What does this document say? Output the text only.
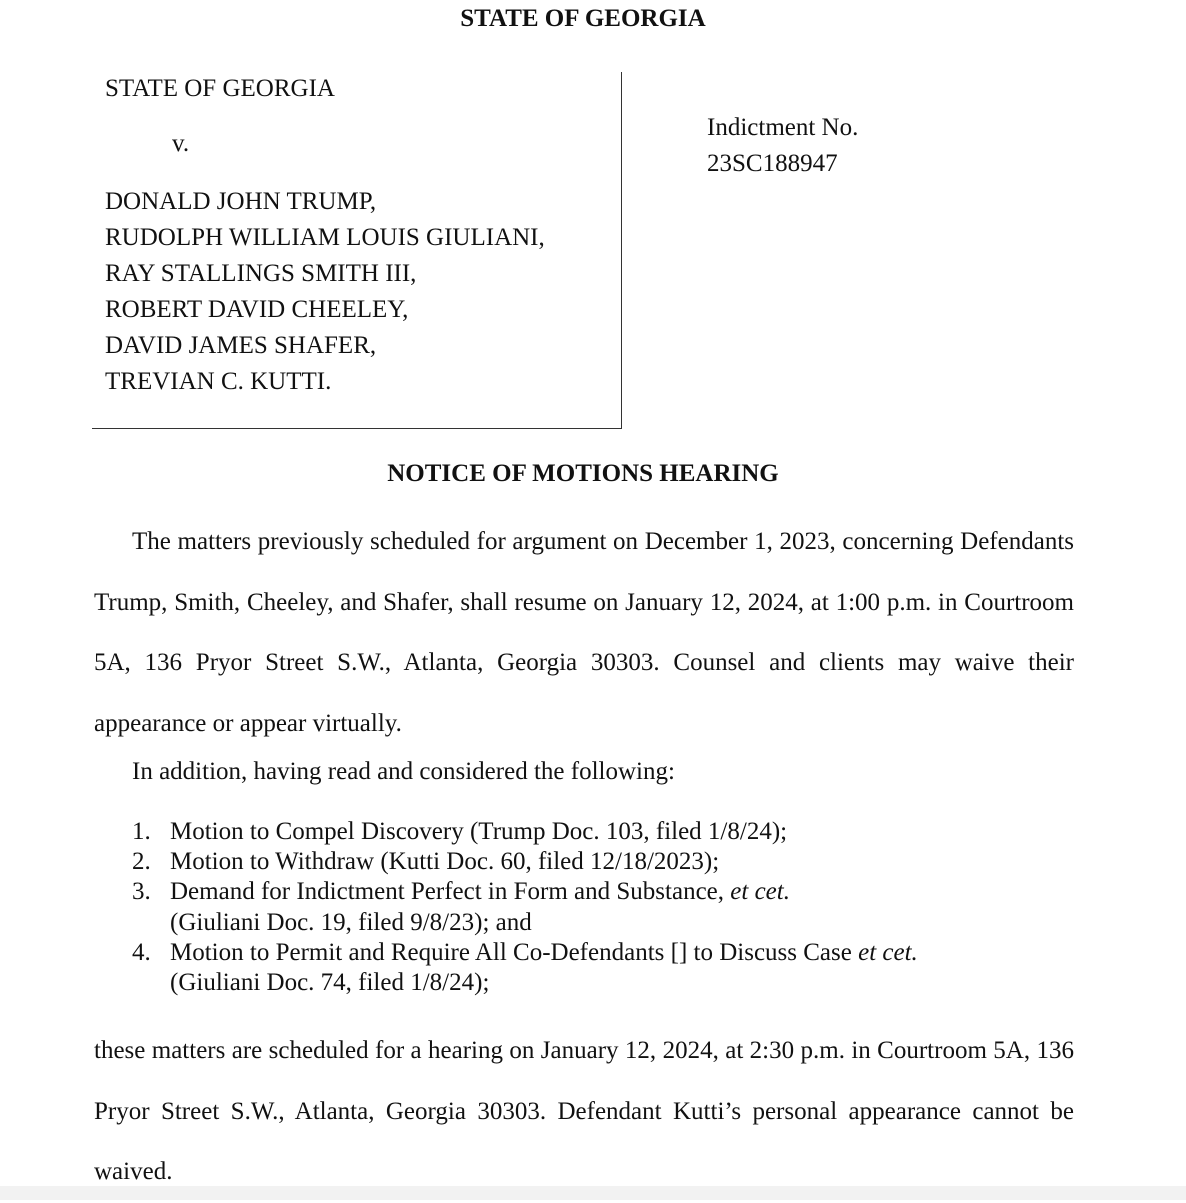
STATE OF GEORGIA
STATE OF GEORGIA
v.
DONALD JOHN TRUMP,
RUDOLPH WILLIAM LOUIS GIULIANI,
RAY STALLINGS SMITH III,
ROBERT DAVID CHEELEY,
DAVID JAMES SHAFER,
TREVIAN C. KUTTI.
Indictment No.
23SC188947
NOTICE OF MOTIONS HEARING

The matters previously scheduled for argument on December 1, 2023, concerning Defendants Trump, Smith, Cheeley, and Shafer, shall resume on January 12, 2024, at 1:00 p.m. in Courtroom 5A, 136 Pryor Street S.W., Atlanta, Georgia 30303. Counsel and clients may waive their appearance or appear virtually.

In addition, having read and considered the following:

1. Motion to Compel Discovery (Trump Doc. 103, filed 1/8/24);
2. Motion to Withdraw (Kutti Doc. 60, filed 12/18/2023);
3. Demand for Indictment Perfect in Form and Substance, et cet.
(Giuliani Doc. 19, filed 9/8/23); and
4. Motion to Permit and Require All Co-Defendants [] to Discuss Case et cet.
(Giuliani Doc. 74, filed 1/8/24);

these matters are scheduled for a hearing on January 12, 2024, at 2:30 p.m. in Courtroom 5A, 136 Pryor Street S.W., Atlanta, Georgia 30303. Defendant Kutti’s personal appearance cannot be waived.
